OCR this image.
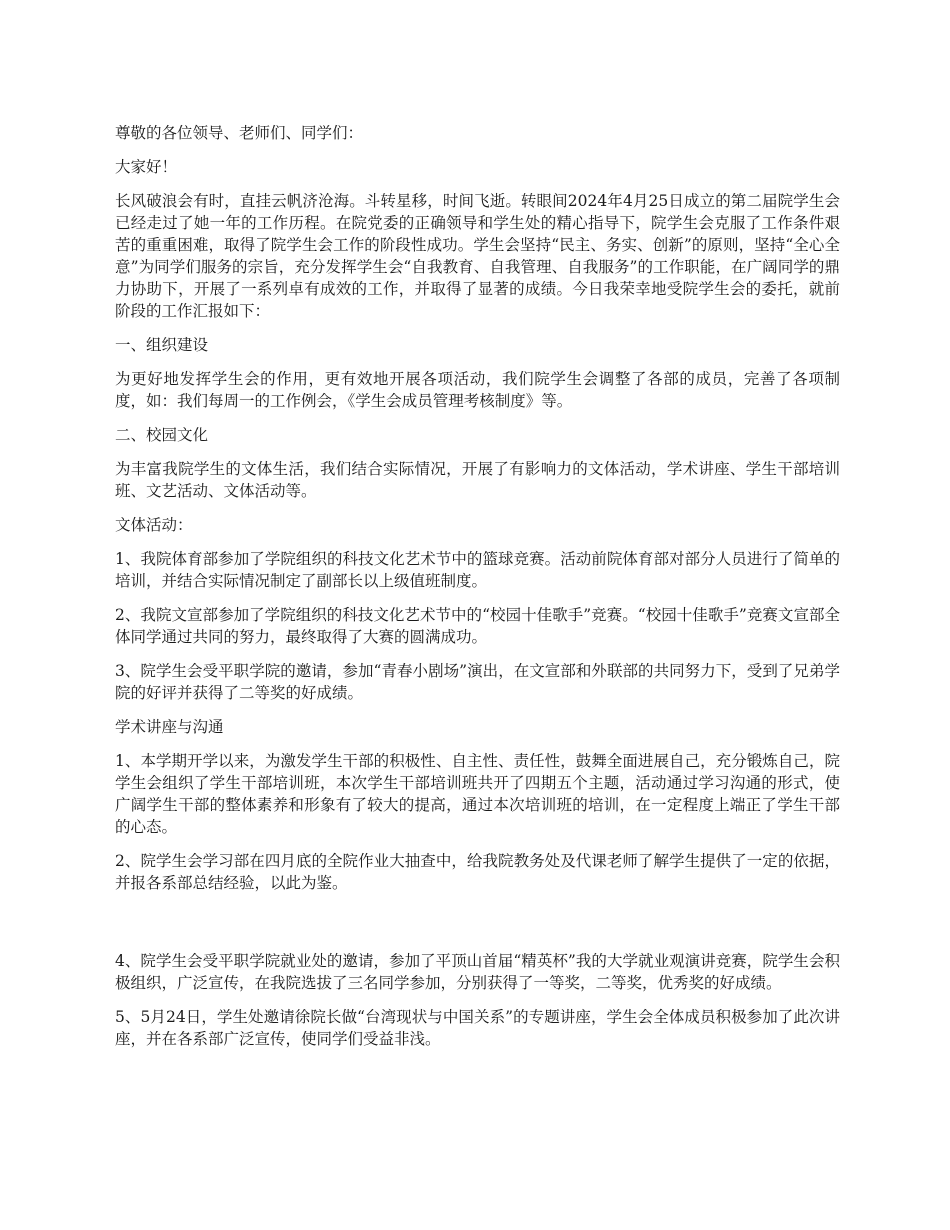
尊敬的各位领导、老师们、同学们：

大家好！

长风破浪会有时，直挂云帆济沧海。斗转星移，时间飞逝。转眼间2024年4月25日成立的第二届院学生会已经走过了她一年的工作历程。在院党委的正确领导和学生处的精心指导下，院学生会克服了工作条件艰苦的重重困难，取得了院学生会工作的阶段性成功。学生会坚持“民主、务实、创新”的原则，坚持“全心全意”为同学们服务的宗旨，充分发挥学生会“自我教育、自我管理、自我服务”的工作职能，在广阔同学的鼎力协助下，开展了一系列卓有成效的工作，并取得了显著的成绩。今日我荣幸地受院学生会的委托，就前阶段的工作汇报如下：

一、组织建设

为更好地发挥学生会的作用，更有效地开展各项活动，我们院学生会调整了各部的成员，完善了各项制度，如：我们每周一的工作例会，《学生会成员管理考核制度》等。

二、校园文化

为丰富我院学生的文体生活，我们结合实际情况，开展了有影响力的文体活动，学术讲座、学生干部培训班、文艺活动、文体活动等。

文体活动：

1、我院体育部参加了学院组织的科技文化艺术节中的篮球竞赛。活动前院体育部对部分人员进行了简单的培训，并结合实际情况制定了副部长以上级值班制度。

2、我院文宣部参加了学院组织的科技文化艺术节中的“校园十佳歌手”竞赛。“校园十佳歌手”竞赛文宣部全体同学通过共同的努力，最终取得了大赛的圆满成功。

3、院学生会受平职学院的邀请，参加“青春小剧场”演出，在文宣部和外联部的共同努力下，受到了兄弟学院的好评并获得了二等奖的好成绩。

学术讲座与沟通

1、本学期开学以来，为激发学生干部的积极性、自主性、责任性，鼓舞全面进展自己，充分锻炼自己，院学生会组织了学生干部培训班，本次学生干部培训班共开了四期五个主题，活动通过学习沟通的形式，使广阔学生干部的整体素养和形象有了较大的提高，通过本次培训班的培训，在一定程度上端正了学生干部的心态。

2、院学生会学习部在四月底的全院作业大抽查中，给我院教务处及代课老师了解学生提供了一定的依据，并报各系部总结经验，以此为鉴。

4、院学生会受平职学院就业处的邀请，参加了平顶山首届“精英杯”我的大学就业观演讲竞赛，院学生会积极组织，广泛宣传，在我院选拔了三名同学参加，分别获得了一等奖，二等奖，优秀奖的好成绩。

5、5月24日，学生处邀请徐院长做“台湾现状与中国关系”的专题讲座，学生会全体成员积极参加了此次讲座，并在各系部广泛宣传，使同学们受益非浅。
